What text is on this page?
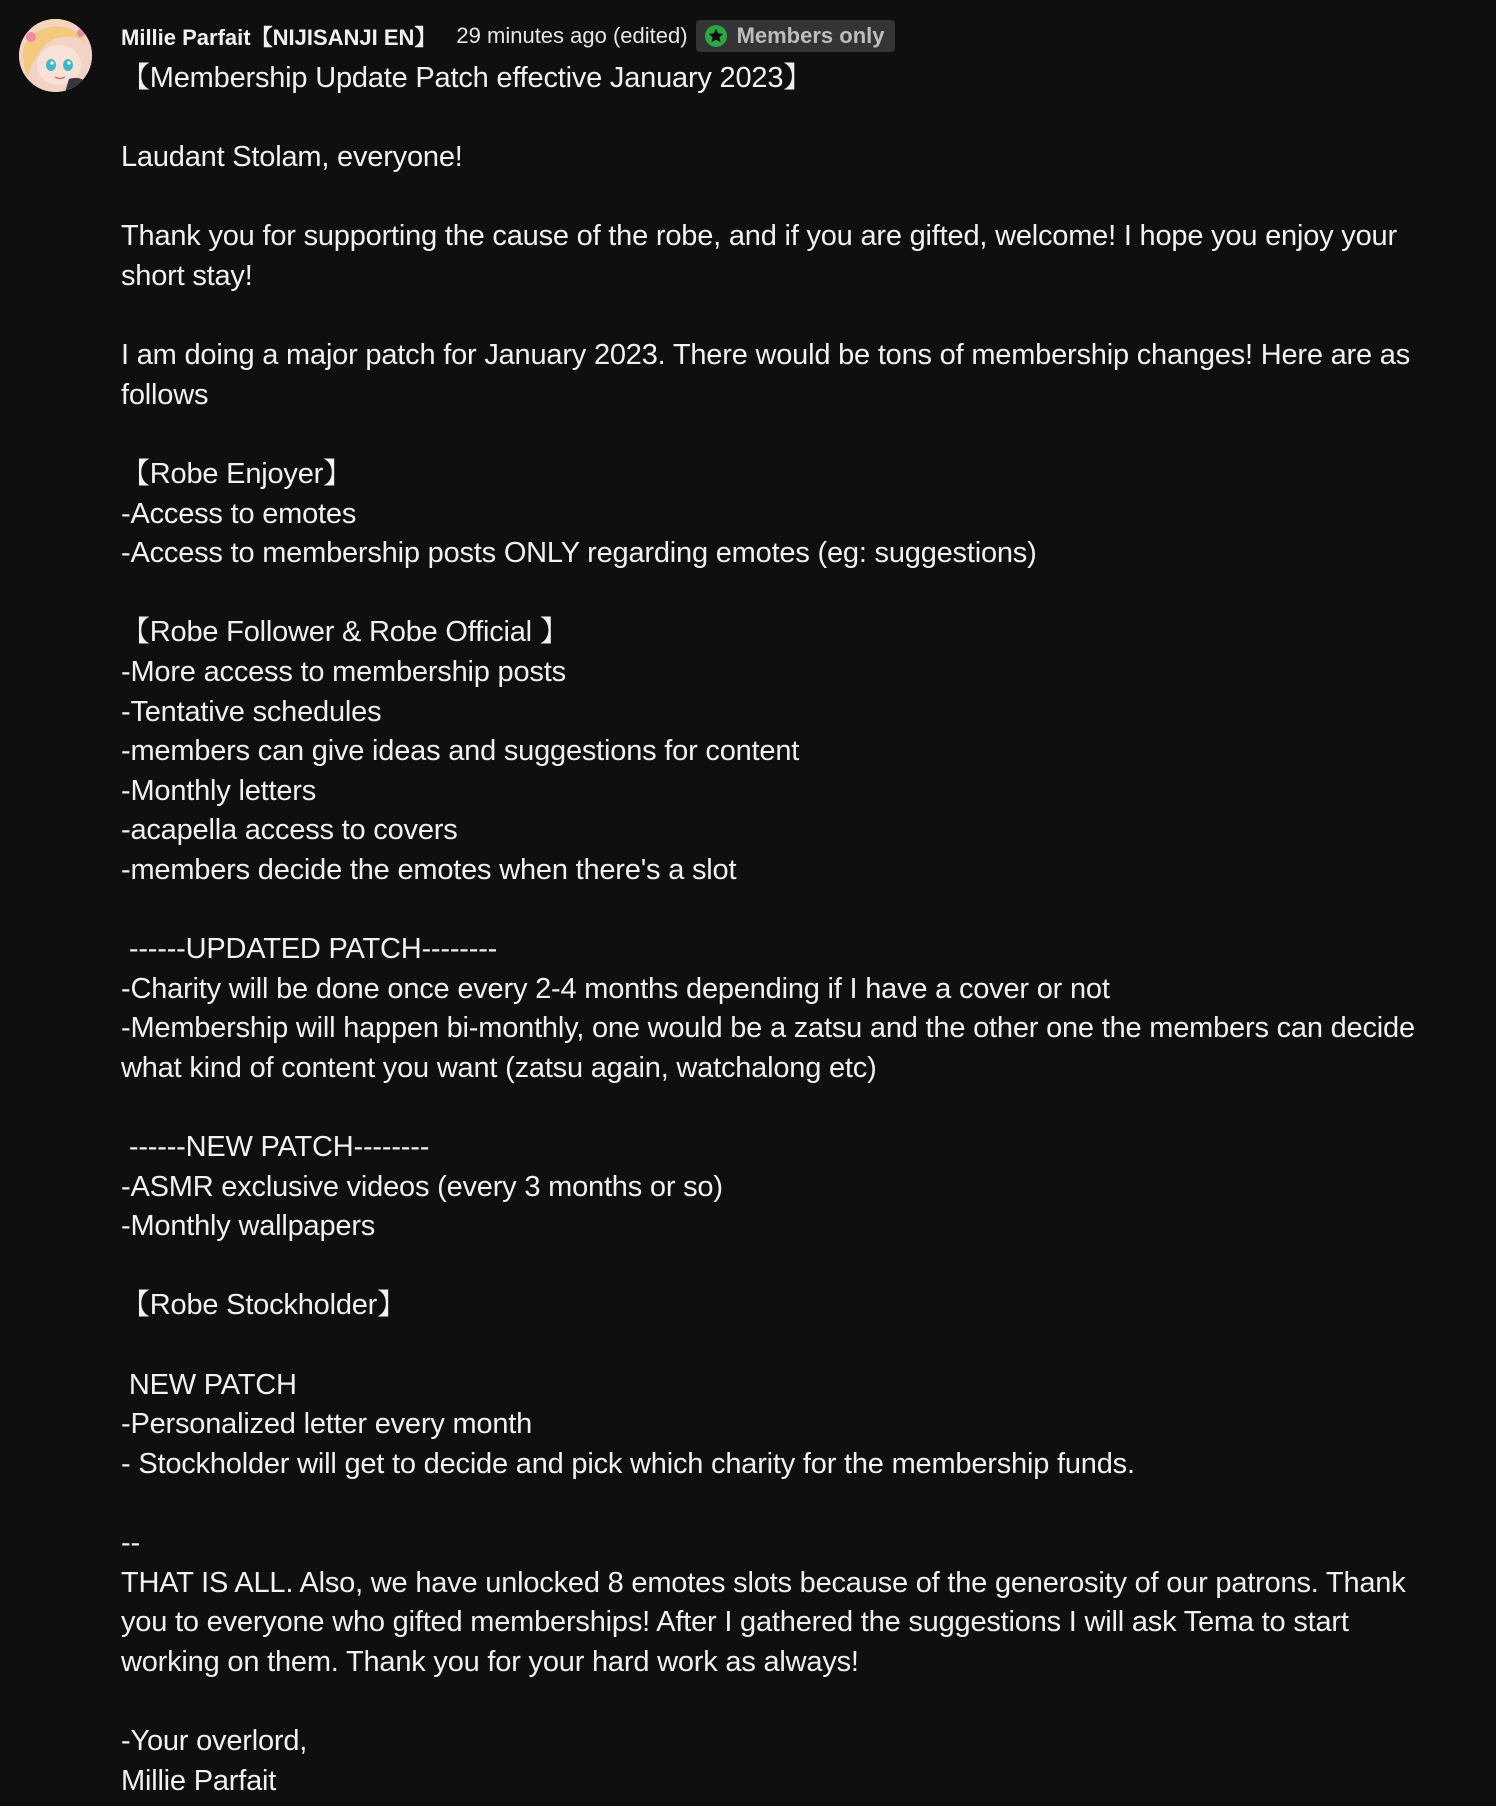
Millie Parfait【NIJISANJI EN】 29 minutes ago (edited) Members only
【Membership Update Patch effective January 2023】
Laudant Stolam, everyone!
Thank you for supporting the cause of the robe, and if you are gifted, welcome! I hope you enjoy your short stay!
I am doing a major patch for January 2023. There would be tons of membership changes! Here are as follows
【Robe Enjoyer】
-Access to emotes
-Access to membership posts ONLY regarding emotes (eg: suggestions)
【Robe Follower & Robe Official 】
-More access to membership posts
-Tentative schedules
-members can give ideas and suggestions for content
-Monthly letters
-acapella access to covers
-members decide the emotes when there's a slot
------UPDATED PATCH--------
-Charity will be done once every 2-4 months depending if I have a cover or not
-Membership will happen bi-monthly, one would be a zatsu and the other one the members can decide what kind of content you want (zatsu again, watchalong etc)
------NEW PATCH--------
-ASMR exclusive videos (every 3 months or so)
-Monthly wallpapers
【Robe Stockholder】
NEW PATCH
-Personalized letter every month
- Stockholder will get to decide and pick which charity for the membership funds.
--
THAT IS ALL. Also, we have unlocked 8 emotes slots because of the generosity of our patrons. Thank you to everyone who gifted memberships! After I gathered the suggestions I will ask Tema to start working on them. Thank you for your hard work as always!
-Your overlord,
Millie Parfait
